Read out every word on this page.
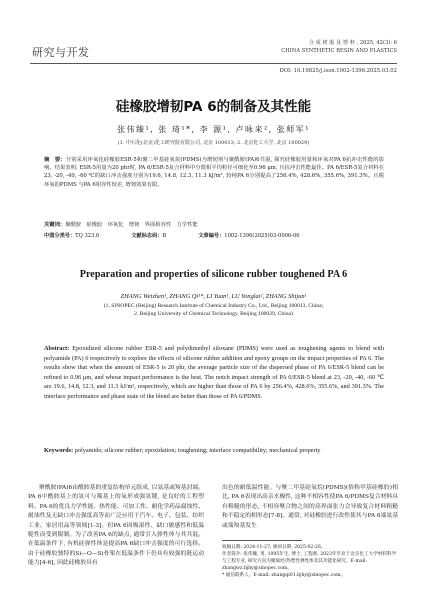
研究与开发
合 成 树 脂 及 塑 料 , 2025, 42(3): 6
CHINA SYNTHETIC RESIN AND PLASTICS
DOI: 10.19825/j.issn.1002-1396.2025.03.02
硅橡胶增韧PA 6的制备及其性能
张伟臻¹, 张 琦¹*, 李 源¹, 卢咏来², 张师军¹
(1. 中石化(北京)化工研究院有限公司, 北京 100013; 2. 北京化工大学, 北京 100029)
摘　要：分别采用环氧化硅橡胶ESR-5和聚二甲基硅氧烷(PDMS)为增韧剂与聚酰胺(PA)6共混, 探究硅橡胶用量和环氧对PA 6抗冲击性能的影响。结果表明: ESR-5用量为20 phr时, PA 6/ESR-5复合材料中分散相平均粒径可细化至0.96 μm, 且抗冲击性能最佳。PA 6/ESR-5复合材料在23, -20, -40, -60 ℃的缺口冲击强度分别为19.6, 14.8, 12.3, 11.3 kJ/m², 较纯PA 6分别提高了256.4%, 428.6%, 355.6%, 391.3%。且脱环氧的PDMS 与PA 6相容性较差, 增韧效果有限。
关键词：聚酰胺　硅橡胶　环氧化　增韧　界面相容性　力学性能
中图分类号：TQ 323.6	文献标志码：B	文章编号：1002-1396(2025)03-0006-06
Preparation and properties of silicone rubber toughened PA 6
ZHANG Weizhen¹, ZHANG Qi¹*, LI Yuan¹, LU Yonglai², ZHANG Shijun¹
(1. SINOPEC (Beijing) Research Institute of Chemical Industry Co., Ltd., Beijing 100013, China;
2. Beijing University of Chemical Technology, Beijing 100029, China)
Abstract: Epoxidized silicone rubber ESR-5 and polydimethyl siloxane (PDMS) were used as toughening agents to blend with polyamide (PA) 6 respectively to explore the effects of silicone rubber addition and epoxy groups on the impact properties of PA 6. The results show that when the amount of ESR-5 is 20 phr, the average particle size of the dispersed phase of PA 6/ESR-5 blend can be refined to 0.96 μm, and whose impact performance is the best. The notch impact strength of PA 6/ESR-5 blend at 23, -20, -40, -60 ℃ are 19.6, 14.8, 12.3, and 11.3 kJ/m², respectively, which are higher than those of PA 6 by 256.4%, 428.6%, 355.6%, and 391.3%. The interface performance and phase state of the blend are better than those of PA 6/PDMS.
Keywords: polyamide; silicone rubber; epoxidation; toughening; interface compatibility; mechanical property
聚酰胺(PA)6由酰胺基的重复结构单元组成, 以氨基或羧基封端。PA 6中酰胺基上的氢可与羰基上的氧形成强氢键, 是良好的工程塑料。PA 6的优良力学性能、热性能、可加工性、耐化学药品腐蚀性、耐油性及无缺口冲击强度高等而广泛应用于汽车、电子、包装、纺织工业、家居用品等领域[1-3]。但PA 6因吸湿性、缺口敏感性和低温脆性而受到限制。为了改善PA 6的缺点, 通常引入弹性体与其共混。在低温条件下, 有机硅弹性体是提高PA 6缺口冲击强度的可行选择。由于硅橡胶独特的Si—O—Si骨架在低温条件下仍具有较强的链运动能力[4-6], 因此硅橡胶具有
出色的耐低温性能。与聚二甲基硅氧烷(PDMS)(俗称甲基硅橡胶)相比, PA 6表现出高亲水极性, 这种不相容性使PA 6/PDMS复合材料具有粗糙的形态, 不相容聚合物之间的高界面张力会导致复合材料粗糙和不稳定的相形态[7-8]。通常, 对硅橡胶进行改性使其与PA 6端氨基或端羧基发生
收稿日期: 2024-11-27; 修回日期: 2025-02-26。
作者简介: 张伟臻, 男, 1995年生, 博士, 工程师, 2023年毕业于北京化工大学材料科学与工程专业, 研究方向为聚烯烃/热塑性弹性体及其功能化研究。E-mail: zhangwz.bjhy@sinopec.com。
* 通信联系人。E-mail: zhangqi01.bjhy@sinopec.com。
